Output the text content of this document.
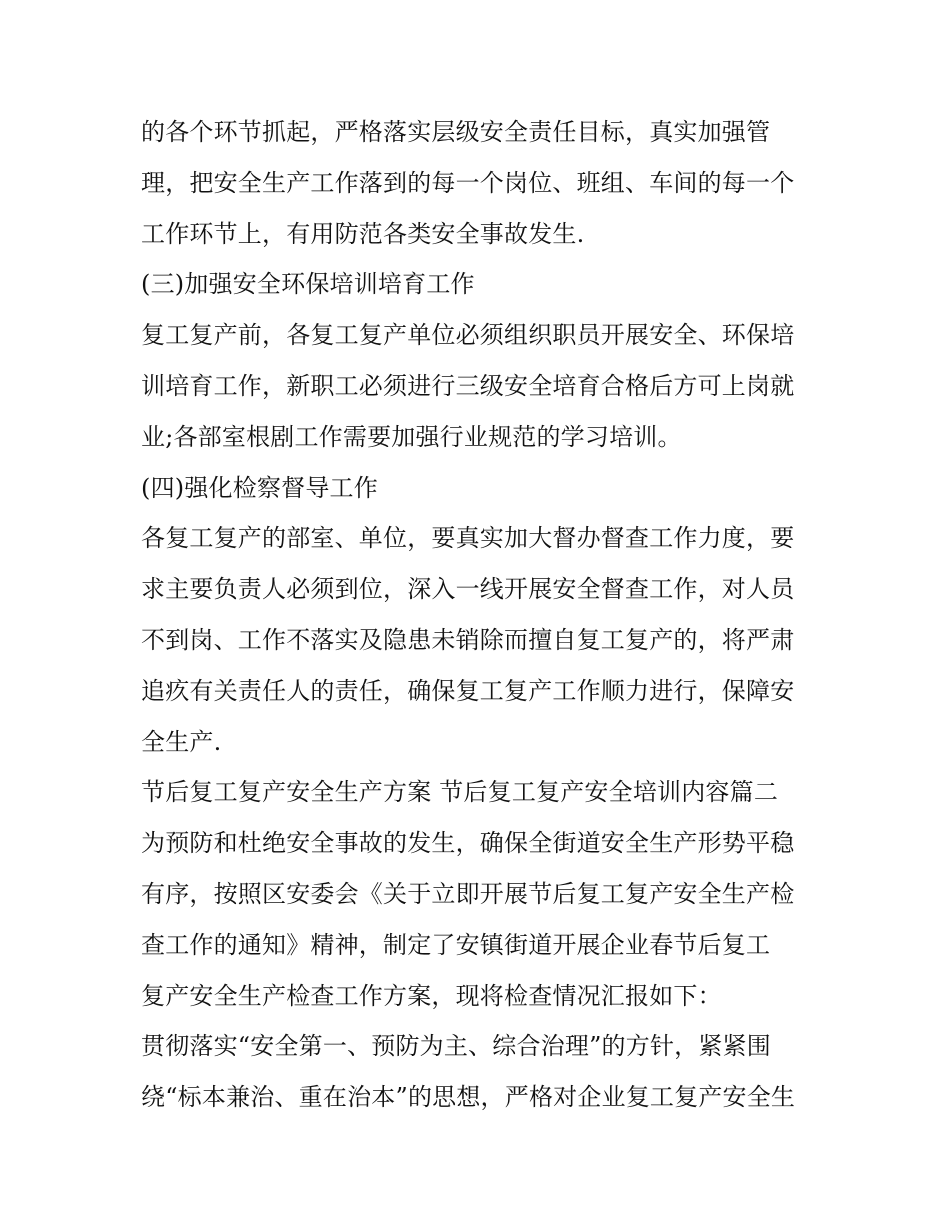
的各个环节抓起，严格落实层级安全责任目标，真实加强管
理，把安全生产工作落到的每一个岗位、班组、车间的每一个
工作环节上，有用防范各类安全事故发生.
(三)加强安全环保培训培育工作
复工复产前，各复工复产单位必须组织职员开展安全、环保培
训培育工作，新职工必须进行三级安全培育合格后方可上岗就
业;各部室根剧工作需要加强行业规范的学习培训。
(四)强化检察督导工作
各复工复产的部室、单位，要真实加大督办督查工作力度，要
求主要负责人必须到位，深入一线开展安全督查工作，对人员
不到岗、工作不落实及隐患未销除而擅自复工复产的，将严肃
追疚有关责任人的责任，确保复工复产工作顺力进行，保障安
全生产.
节后复工复产安全生产方案 节后复工复产安全培训内容篇二
为预防和杜绝安全事故的发生，确保全街道安全生产形势平稳
有序，按照区安委会《关于立即开展节后复工复产安全生产检
查工作的通知》精神，制定了安镇街道开展企业春节后复工
复产安全生产检查工作方案，现将检查情况汇报如下：
贯彻落实“安全第一、预防为主、综合治理”的方针，紧紧围
绕“标本兼治、重在治本”的思想，严格对企业复工复产安全生
